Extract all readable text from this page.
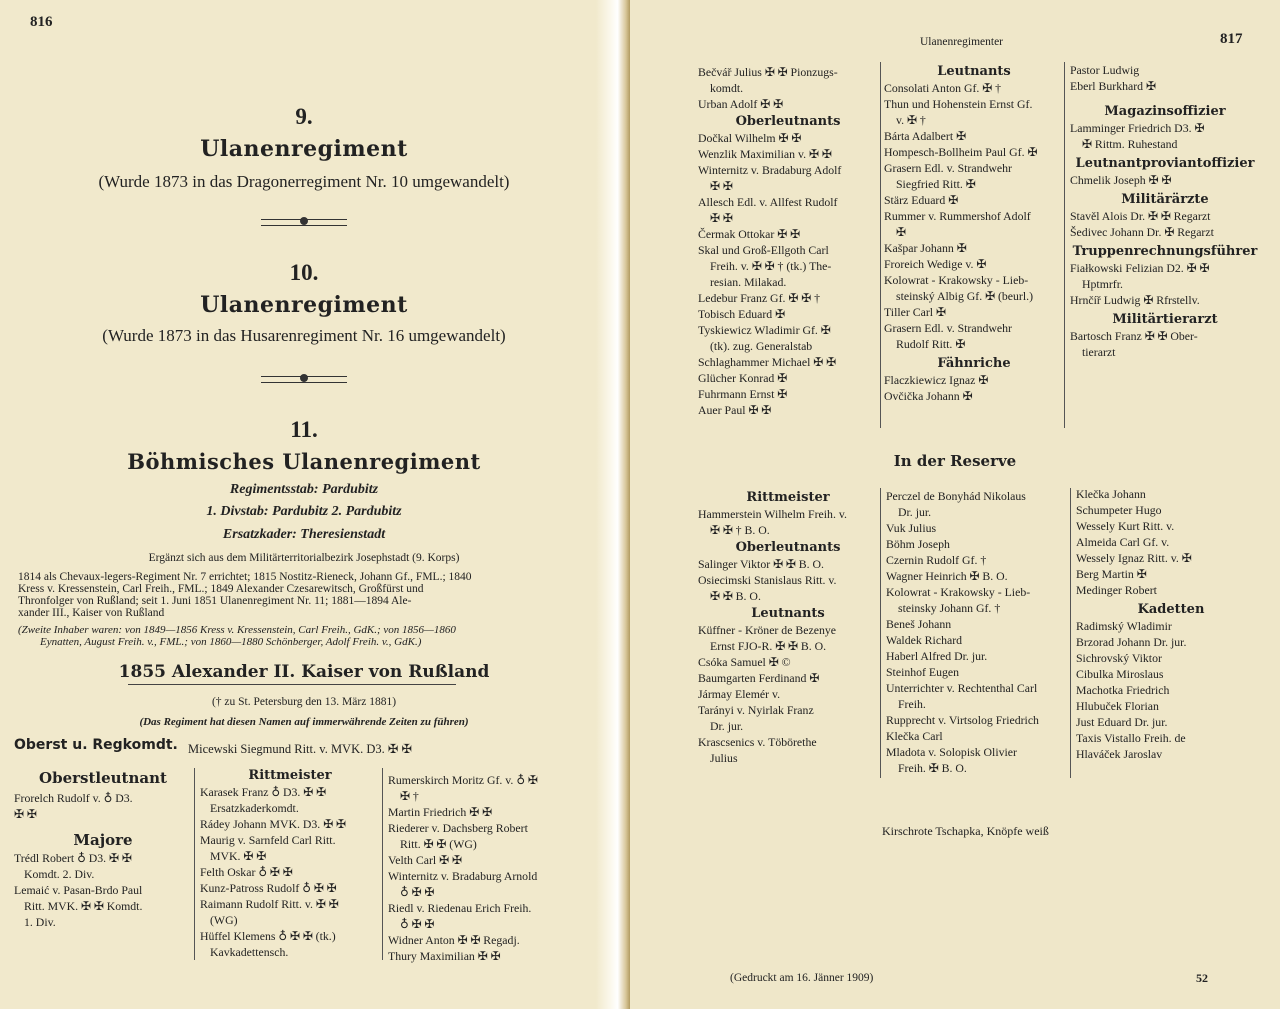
816
9.
Ulanenregiment
(Wurde 1873 in das Dragonerregiment Nr. 10 umgewandelt)
10.
Ulanenregiment
(Wurde 1873 in das Husarenregiment Nr. 16 umgewandelt)
11.
Böhmisches Ulanenregiment
Regimentsstab: Pardubitz
1. Divstab: Pardubitz 2. Pardubitz
Ersatzkader: Theresienstadt
Ergänzt sich aus dem Militärterritorialbezirk Josephstadt (9. Korps)
1814 als Chevaux-legers-Regiment Nr. 7 errichtet; 1815 Nostitz-Rieneck, Johann Gf., FML.; 1840
Kress v. Kressenstein, Carl Freih., FML.; 1849 Alexander Czesarewitsch, Großfürst und
Thronfolger von Rußland; seit 1. Juni 1851 Ulanenregiment Nr. 11; 1881—1894 Ale-
xander III., Kaiser von Rußland
(Zweite Inhaber waren: von 1849—1856 Kress v. Kressenstein, Carl Freih., GdK.; von 1856—1860
Eynatten, August Freih. v., FML.; von 1860—1880 Schönberger, Adolf Freih. v., GdK.)
1855 Alexander II. Kaiser von Rußland
(† zu St. Petersburg den 13. März 1881)
(Das Regiment hat diesen Namen auf immerwährende Zeiten zu führen)
Oberst u. Regkomdt. Micewski Siegmund Ritt. v. MVK. D3. ✠ ✠
Oberstleutnant
Frorelch Rudolf v. ♁ D3.
✠ ✠
Majore
Trédl Robert ♁ D3. ✠ ✠
Komdt. 2. Div.
Lemaić v. Pasan-Brdo Paul
Ritt. MVK. ✠ ✠ Komdt.
1. Div.
Rittmeister
Karasek Franz ♁ D3. ✠ ✠
Ersatzkaderkomdt.
Rádey Johann MVK. D3. ✠ ✠
Maurig v. Sarnfeld Carl Ritt.
MVK. ✠ ✠
Felth Oskar ♁ ✠ ✠
Kunz-Patross Rudolf ♁ ✠ ✠
Raimann Rudolf Ritt. v. ✠ ✠
(WG)
Hüffel Klemens ♁ ✠ ✠ (tk.)
Kavkadettensch.
Rumerskirch Moritz Gf. v. ♁ ✠
✠ †
Martin Friedrich ✠ ✠
Riederer v. Dachsberg Robert
Ritt. ✠ ✠ (WG)
Velth Carl ✠ ✠
Winternitz v. Bradaburg Arnold
♁ ✠ ✠
Riedl v. Riedenau Erich Freih.
♁ ✠ ✠
Widner Anton ✠ ✠ Regadj.
Thury Maximilian ✠ ✠
Ulanenregimenter	817
Bečvář Julius ✠ ✠ Pionzugs-
komdt.
Urban Adolf ✠ ✠
Oberleutnants
Dočkal Wilhelm ✠ ✠
Wenzlik Maximilian v. ✠ ✠
Winternitz v. Bradaburg Adolf
✠ ✠
Allesch Edl. v. Allfest Rudolf
✠ ✠
Čermak Ottokar ✠ ✠
Skal und Groß-Ellgoth Carl
Freih. v. ✠ ✠ † (tk.) The-
resian. Milakad.
Ledebur Franz Gf. ✠ ✠ †
Tobisch Eduard ✠
Tyskiewicz Wladimir Gf. ✠
(tk). zug. Generalstab
Schlaghammer Michael ✠ ✠
Glücher Konrad ✠
Fuhrmann Ernst ✠
Auer Paul ✠ ✠
Leutnants
Consolati Anton Gf. ✠ †
Thun und Hohenstein Ernst Gf.
v. ✠ †
Bárta Adalbert ✠
Hompesch-Bollheim Paul Gf. ✠
Grasern Edl. v. Strandwehr
Siegfried Ritt. ✠
Stärz Eduard ✠
Rummer v. Rummershof Adolf
✠
Kašpar Johann ✠
Froreich Wedige v. ✠
Kolowrat - Krakowsky - Lieb-
steinský Albig Gf. ✠ (beurl.)
Tiller Carl ✠
Grasern Edl. v. Strandwehr
Rudolf Ritt. ✠
Fähnriche
Flaczkiewicz Ignaz ✠
Ovčička Johann ✠
Pastor Ludwig
Eberl Burkhard ✠
Magazinsoffizier
Lamminger Friedrich D3. ✠
✠ Rittm. Ruhestand
Leutnantproviantoffizier
Chmelik Joseph ✠ ✠
Militärärzte
Stavěl Alois Dr. ✠ ✠ Regarzt
Šedivec Johann Dr. ✠ Regarzt
Truppenrechnungsführer
Fiałkowski Felizian D2. ✠ ✠
Hptmrfr.
Hrnčíř Ludwig ✠ Rfrstellv.
Militärtierarzt
Bartosch Franz ✠ ✠ Ober-
tierarzt
In der Reserve
Rittmeister
Hammerstein Wilhelm Freih. v.
✠ ✠ † B. O.
Oberleutnants
Salinger Viktor ✠ ✠ B. O.
Osiecimski Stanislaus Ritt. v.
✠ ✠ B. O.
Leutnants
Küffner - Kröner de Bezenye
Ernst FJO-R. ✠ ✠ B. O.
Csóka Samuel ✠ ©
Baumgarten Ferdinand ✠
Jármay Elemér v.
Tarányi v. Nyirlak Franz
Dr. jur.
Krascsenics v. Töbörethe
Julius
Perczel de Bonyhád Nikolaus
Dr. jur.
Vuk Julius
Böhm Joseph
Czernin Rudolf Gf. †
Wagner Heinrich ✠ B. O.
Kolowrat - Krakowsky - Lieb-
steinsky Johann Gf. †
Beneš Johann
Waldek Richard
Haberl Alfred Dr. jur.
Steinhof Eugen
Unterrichter v. Rechtenthal Carl
Freih.
Rupprecht v. Virtsolog Friedrich
Klečka Carl
Mladota v. Solopisk Olivier
Freih. ✠ B. O.
Klečka Johann
Schumpeter Hugo
Wessely Kurt Ritt. v.
Almeida Carl Gf. v.
Wessely Ignaz Ritt. v. ✠
Berg Martin ✠
Medinger Robert
Kadetten
Radimský Wladimir
Brzorad Johann Dr. jur.
Sichrovský Viktor
Cibulka Miroslaus
Machotka Friedrich
Hlubuček Florian
Just Eduard Dr. jur.
Taxis Vistallo Freih. de
Hlaváček Jaroslav
Kirschrote Tschapka, Knöpfe weiß
(Gedruckt am 16. Jänner 1909)	52
